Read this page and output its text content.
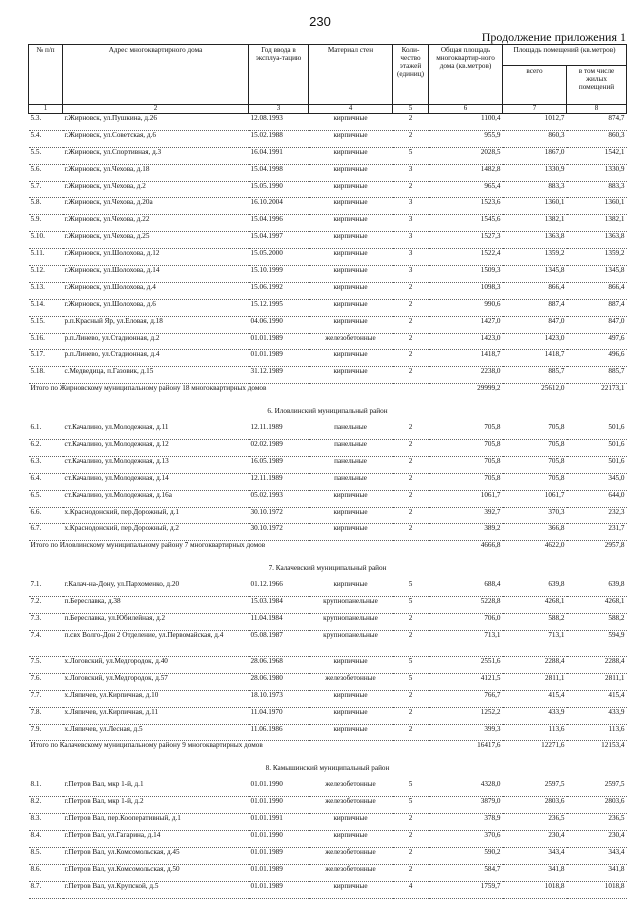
230
Продолжение приложения 1
№ п/п	Адрес многоквартирного дома	Год ввода в эксплуа-тацию	Материал стен	Коли-чество этажей (единиц)	Общая площадь многоквартир-ного дома (кв.метров)	Площадь помещений (кв.метров)	
						всего	в том числе жилых помещений
1	2	3	4	5	6	7	8
5.3.	г.Жирновск, ул.Пушкина, д.26	12.08.1993	кирпичные	2	1100,4	1012,7	874,7
5.4.	г.Жирновск, ул.Советская, д.6	15.02.1988	кирпичные	2	955,9	860,3	860,3
5.5.	г.Жирновск, ул.Спортивная, д.3	16.04.1991	кирпичные	5	2028,5	1867,0	1542,1
5.6.	г.Жирновск, ул.Чехова, д.18	15.04.1998	кирпичные	3	1482,8	1330,9	1330,9
5.7.	г.Жирновск, ул.Чехова, д.2	15.05.1990	кирпичные	2	965,4	883,3	883,3
5.8.	г.Жирновск, ул.Чехова, д.20а	16.10.2004	кирпичные	3	1523,6	1360,1	1360,1
5.9.	г.Жирновск, ул.Чехова, д.22	15.04.1996	кирпичные	3	1545,6	1382,1	1382,1
5.10.	г.Жирновск, ул.Чехова, д.25	15.04.1997	кирпичные	3	1527,3	1363,8	1363,8
5.11.	г.Жирновск, ул.Шолохова, д.12	15.05.2000	кирпичные	3	1522,4	1359,2	1359,2
5.12.	г.Жирновск, ул.Шолохова, д.14	15.10.1999	кирпичные	3	1509,3	1345,8	1345,8
5.13.	г.Жирновск, ул.Шолохова, д.4	15.06.1992	кирпичные	2	1098,3	866,4	866,4
5.14.	г.Жирновск, ул.Шолохова, д.6	15.12.1995	кирпичные	2	990,6	887,4	887,4
5.15.	р.п.Красный Яр, ул.Еловая, д.18	04.06.1990	кирпичные	2	1427,0	847,0	847,0
5.16.	р.п.Линево, ул.Стадионная, д.2	01.01.1989	железобетонные	2	1423,0	1423,0	497,6
5.17.	р.п.Линево, ул.Стадионная, д.4	01.01.1989	кирпичные	2	1418,7	1418,7	496,6
5.18.	с.Медведица, п.Газовик, д.15	31.12.1989	кирпичные	2	2238,0	885,7	885,7
Итого по Жирновскому муниципальному району 18 многоквартирных домов					29999,2	25612,0	22173,1
6. Иловлинский муниципальный район							
6.1.	ст.Качалино, ул.Молодежная, д.11	12.11.1989	панельные	2	705,8	705,8	501,6
6.2.	ст.Качалино, ул.Молодежная, д.12	02.02.1989	панельные	2	705,8	705,8	501,6
6.3.	ст.Качалино, ул.Молодежная, д.13	16.05.1989	панельные	2	705,8	705,8	501,6
6.4.	ст.Качалино, ул.Молодежная, д.14	12.11.1989	панельные	2	705,8	705,8	345,0
6.5.	ст.Качалино, ул.Молодежная, д.16а	05.02.1993	кирпичные	2	1061,7	1061,7	644,0
6.6.	х.Краснодонский, пер.Дорожный, д.1	30.10.1972	кирпичные	2	392,7	370,3	232,3
6.7.	х.Краснодонский, пер.Дорожный, д.2	30.10.1972	кирпичные	2	389,2	366,8	231,7
Итого по Иловлинскому муниципальному району 7 многоквартирных домов					4666,8	4622,0	2957,8
7. Калачевский муниципальный район							
7.1.	г.Калач-на-Дону, ул.Пархоменко, д.20	01.12.1966	кирпичные	5	688,4	639,8	639,8
7.2.	п.Береславка, д.38	15.03.1984	крупнопанельные	5	5228,8	4268,1	4268,1
7.3.	п.Береславка, ул.Юбилейная, д.2	11.04.1984	крупнопанельные	2	706,0	588,2	588,2
7.4.	п.свх Волго-Дон 2 Отделение, ул.Первомайская, д.4	05.08.1987	крупнопанельные	2	713,1	713,1	594,9
7.5.	х.Логовский, ул.Медгородок, д.40	28.06.1968	кирпичные	5	2551,6	2288,4	2288,4
7.6.	х.Логовский, ул.Медгородок, д.57	28.06.1980	железобетонные	5	4121,5	2811,1	2811,1
7.7.	х.Ляпичев, ул.Кирпичная, д.10	18.10.1973	кирпичные	2	766,7	415,4	415,4
7.8.	х.Ляпичев, ул.Кирпичная, д.11	11.04.1970	кирпичные	2	1252,2	433,9	433,9
7.9.	х.Ляпичев, ул.Лесная, д.5	11.06.1986	кирпичные	2	399,3	113,6	113,6
Итого по Калачевскому муниципальному району 9 многоквартирных домов					16417,6	12271,6	12153,4
8. Камышинский муниципальный район							
8.1.	г.Петров Вал, мкр 1-й, д.1	01.01.1990	железобетонные	5	4328,0	2597,5	2597,5
8.2.	г.Петров Вал, мкр 1-й, д.2	01.01.1990	железобетонные	5	3879,0	2803,6	2803,6
8.3.	г.Петров Вал, пер.Кооперативный, д.1	01.01.1991	кирпичные	2	378,9	236,5	236,5
8.4.	г.Петров Вал, ул.Гагарина, д.14	01.01.1990	кирпичные	2	370,6	230,4	230,4
8.5.	г.Петров Вал, ул.Комсомольская, д.45	01.01.1989	железобетонные	2	590,2	343,4	343,4
8.6.	г.Петров Вал, ул.Комсомольская, д.50	01.01.1989	железобетонные	2	584,7	341,8	341,8
8.7.	г.Петров Вал, ул.Крупской, д.5	01.01.1989	кирпичные	4	1759,7	1018,8	1018,8
